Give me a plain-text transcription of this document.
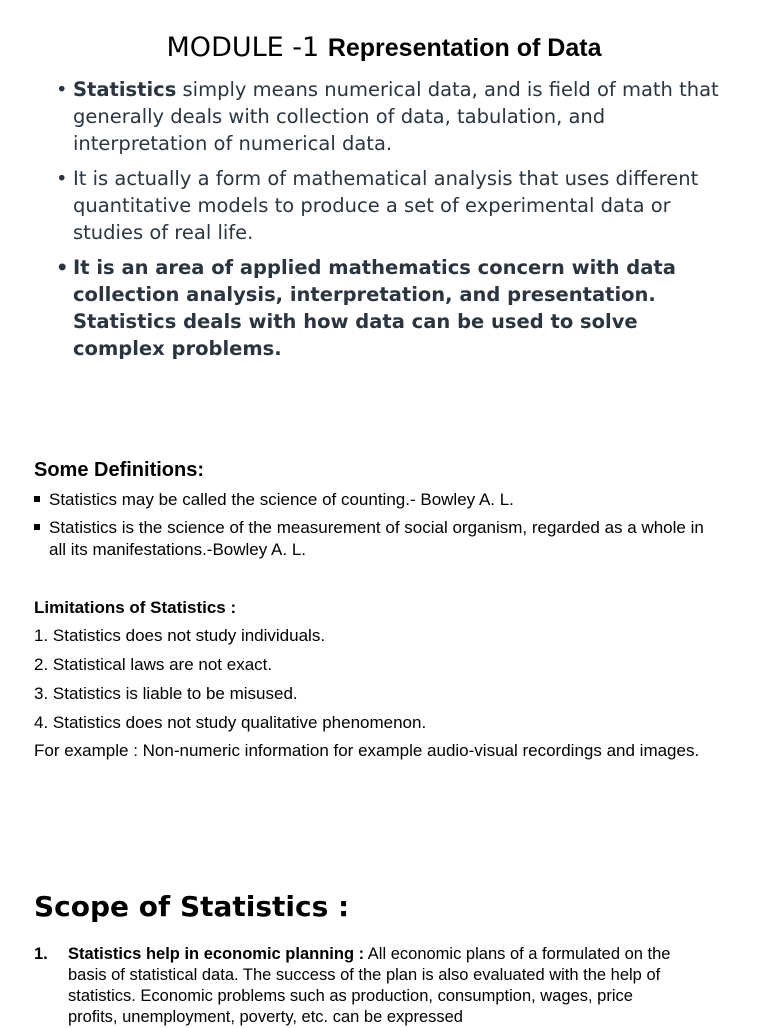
MODULE -1 Representation of Data
• Statistics simply means numerical data, and is field of math that generally deals with collection of data, tabulation, and interpretation of numerical data.
• It is actually a form of mathematical analysis that uses different quantitative models to produce a set of experimental data or studies of real life.
• It is an area of applied mathematics concern with data collection analysis, interpretation, and presentation. Statistics deals with how data can be used to solve complex problems.
Some Definitions:
Statistics may be called the science of counting.- Bowley A. L.
Statistics is the science of the measurement of social organism, regarded as a whole in all its manifestations.-Bowley A. L.
Limitations of Statistics :
1. Statistics does not study individuals.
2. Statistical laws are not exact.
3. Statistics is liable to be misused.
4. Statistics does not study qualitative phenomenon.
For example : Non-numeric information for example audio-visual recordings and images.
Scope of Statistics :
1. Statistics help in economic planning : All economic plans of a formulated on the basis of statistical data. The success of the plan is also evaluated with the help of statistics. Economic problems such as production, consumption, wages, price profits, unemployment, poverty, etc. can be expressed
